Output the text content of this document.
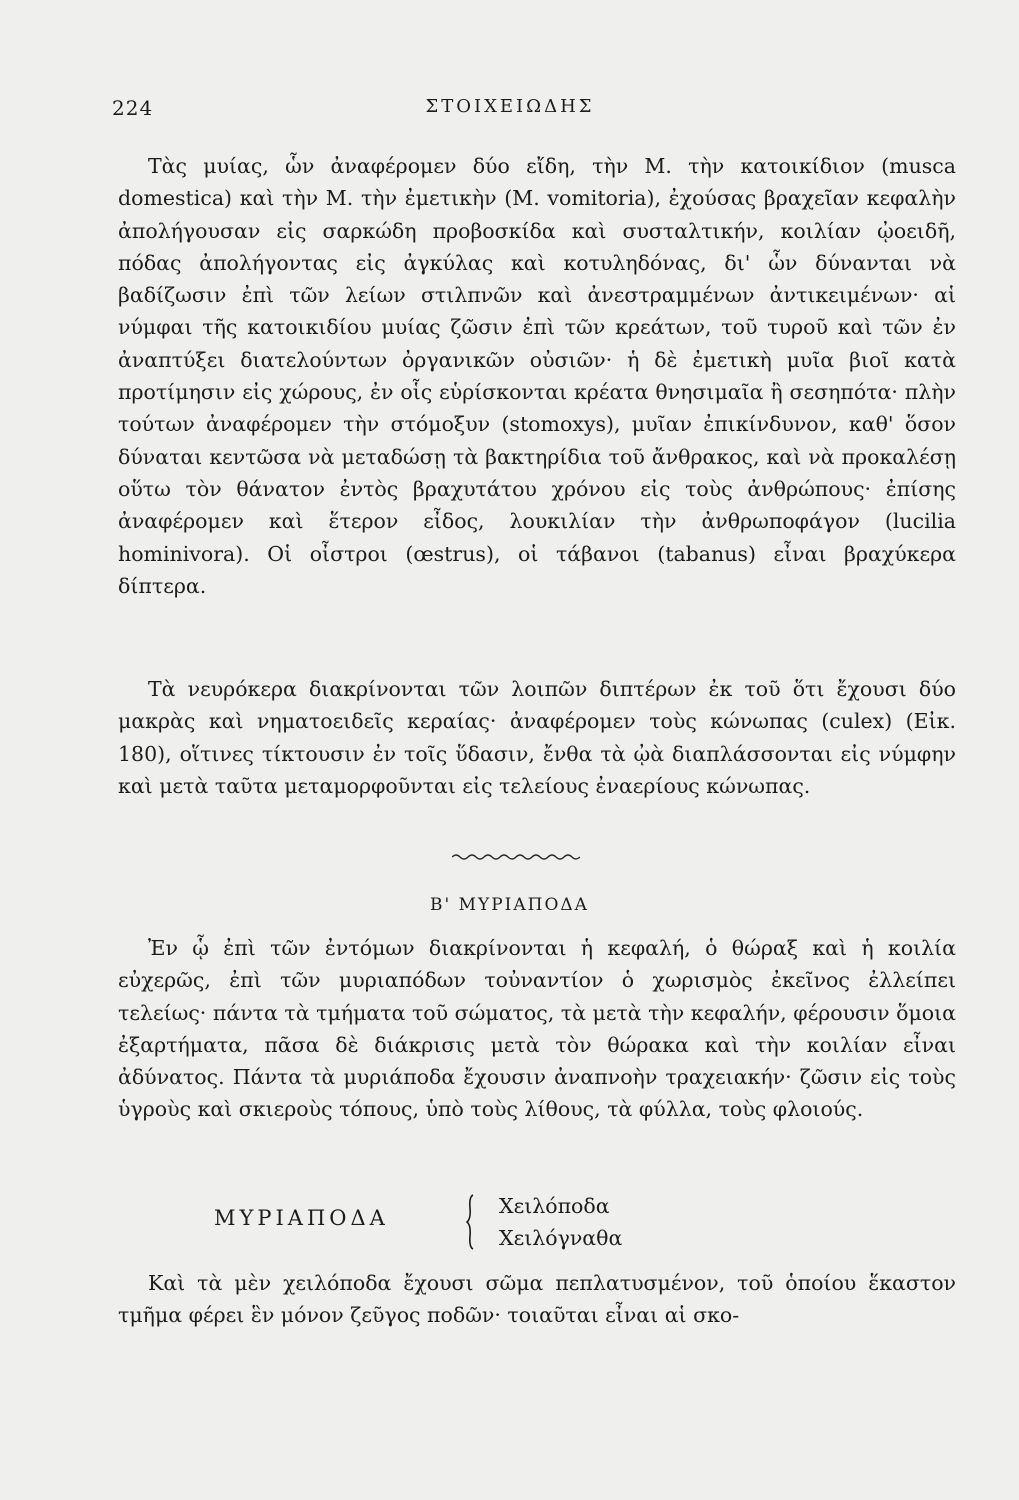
224	ΣΤΟΙΧΕΙΩΔΗΣ

Τὰς μυίας, ὧν ἀναφέρομεν δύο εἴδη, τὴν Μ. τὴν κατοικίδιον (musca domestica) καὶ τὴν Μ. τὴν ἐμετικὴν (M. vomitoria), ἐχούσας βραχεῖαν κεφαλὴν ἀπολήγουσαν εἰς σαρκώδη προβοσκίδα καὶ συσταλτικήν, κοιλίαν ᾠοειδῆ, πόδας ἀπολήγοντας εἰς ἀγκύλας καὶ κοτυληδόνας, δι' ὧν δύνανται νὰ βαδίζωσιν ἐπὶ τῶν λείων στιλπνῶν καὶ ἀνεστραμμένων ἀντικειμένων· αἱ νύμφαι τῆς κατοικιδίου μυίας ζῶσιν ἐπὶ τῶν κρεάτων, τοῦ τυροῦ καὶ τῶν ἐν ἀναπτύξει διατελούντων ὀργανικῶν οὐσιῶν· ἡ δὲ ἐμετικὴ μυῖα βιοῖ κατὰ προτίμησιν εἰς χώρους, ἐν οἷς εὑρίσκονται κρέατα θνησιμαῖα ἢ σεσηπότα· πλὴν τούτων ἀναφέρομεν τὴν στόμοξυν (stomoxys), μυῖαν ἐπικίνδυνον, καθ' ὅσον δύναται κεντῶσα νὰ μεταδώσῃ τὰ βακτηρίδια τοῦ ἄνθρακος, καὶ νὰ προκαλέσῃ οὕτω τὸν θάνατον ἐντὸς βραχυτάτου χρόνου εἰς τοὺς ἀνθρώπους· ἐπίσης ἀναφέρομεν καὶ ἕτερον εἶδος, λουκιλίαν τὴν ἀνθρωποφάγον (lucilia hominivora). Οἱ οἶστροι (œstrus), οἱ τάβανοι (tabanus) εἶναι βραχύκερα δίπτερα.

Τὰ νευρόκερα διακρίνονται τῶν λοιπῶν διπτέρων ἐκ τοῦ ὅτι ἔχουσι δύο μακρὰς καὶ νηματοειδεῖς κεραίας· ἀναφέρομεν τοὺς κώνωπας (culex) (Εἰκ. 180), οἵτινες τίκτουσιν ἐν τοῖς ὕδασιν, ἔνθα τὰ ᾠὰ διαπλάσσονται εἰς νύμφην καὶ μετὰ ταῦτα μεταμορφοῦνται εἰς τελείους ἐναερίους κώνωπας.

Β' ΜΥΡΙΑΠΟΔΑ

Ἐν ᾧ ἐπὶ τῶν ἐντόμων διακρίνονται ἡ κεφαλή, ὁ θώραξ καὶ ἡ κοιλία εὐχερῶς, ἐπὶ τῶν μυριαπόδων τοὐναντίον ὁ χωρισμὸς ἐκεῖνος ἐλλείπει τελείως· πάντα τὰ τμήματα τοῦ σώματος, τὰ μετὰ τὴν κεφαλήν, φέρουσιν ὅμοια ἐξαρτήματα, πᾶσα δὲ διάκρισις μετὰ τὸν θώρακα καὶ τὴν κοιλίαν εἶναι ἀδύνατος. Πάντα τὰ μυριάποδα ἔχουσιν ἀναπνοὴν τραχειακήν· ζῶσιν εἰς τοὺς ὑγροὺς καὶ σκιεροὺς τόπους, ὑπὸ τοὺς λίθους, τὰ φύλλα, τοὺς φλοιούς.

ΜΥΡΙΑΠΟΔΑ	Χειλόποδα
Χειλόγναθα

Καὶ τὰ μὲν χειλόποδα ἔχουσι σῶμα πεπλατυσμένον, τοῦ ὁποίου ἕκαστον τμῆμα φέρει ἓν μόνον ζεῦγος ποδῶν· τοιαῦται εἶναι αἱ σκο-
